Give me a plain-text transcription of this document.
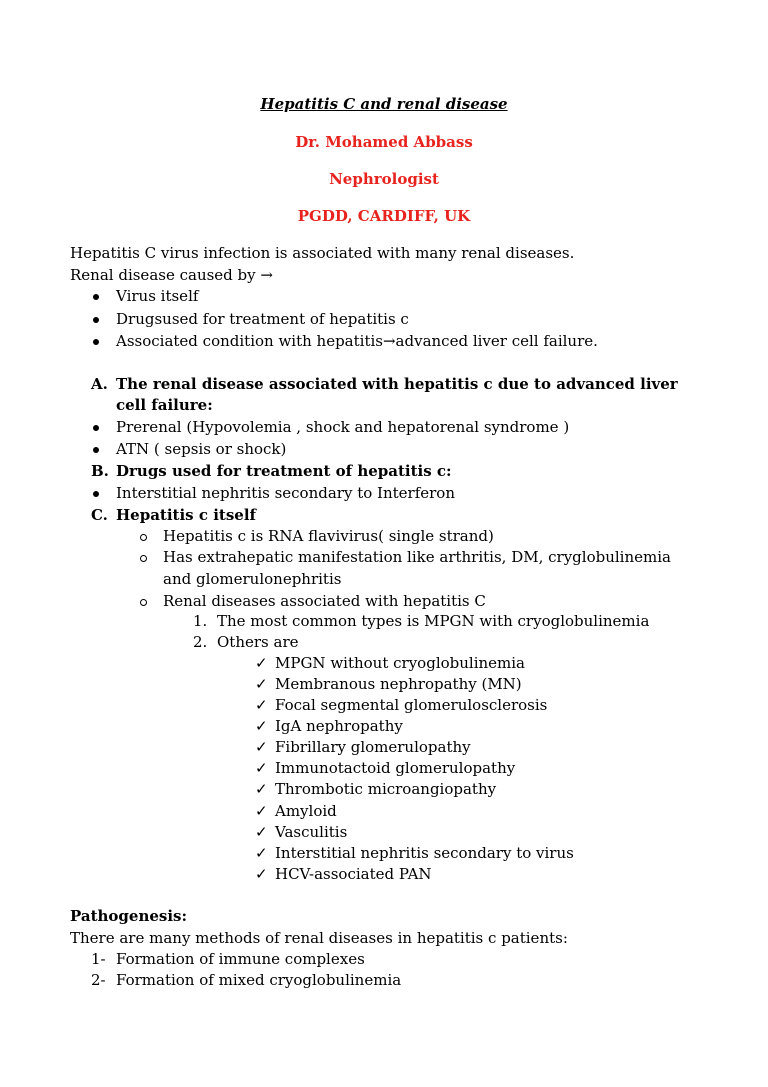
Hepatitis C and renal disease
Dr. Mohamed Abbass
Nephrologist
PGDD, CARDIFF, UK
Hepatitis C virus infection is associated with many renal diseases.
Renal disease caused by →
Virus itself
Drugsused for treatment of hepatitis c
Associated condition with hepatitis→advanced liver cell failure.
A. The renal disease associated with hepatitis c due to advanced liver
cell failure:
Prerenal (Hypovolemia , shock and hepatorenal syndrome )
ATN ( sepsis or shock)
B. Drugs used for treatment of hepatitis c:
Interstitial nephritis secondary to Interferon
C. Hepatitis c itself
Hepatitis c is RNA flavivirus( single strand)
Has extrahepatic manifestation like arthritis, DM, cryglobulinemia
and glomerulonephritis
Renal diseases associated with hepatitis C
1. The most common types is MPGN with cryoglobulinemia
2. Others are
✓ MPGN without cryoglobulinemia
✓ Membranous nephropathy (MN)
✓ Focal segmental glomerulosclerosis
✓ IgA nephropathy
✓ Fibrillary glomerulopathy
✓ Immunotactoid glomerulopathy
✓ Thrombotic microangiopathy
✓ Amyloid
✓ Vasculitis
✓ Interstitial nephritis secondary to virus
✓ HCV-associated PAN
Pathogenesis:
There are many methods of renal diseases in hepatitis c patients:
1- Formation of immune complexes
2- Formation of mixed cryoglobulinemia
